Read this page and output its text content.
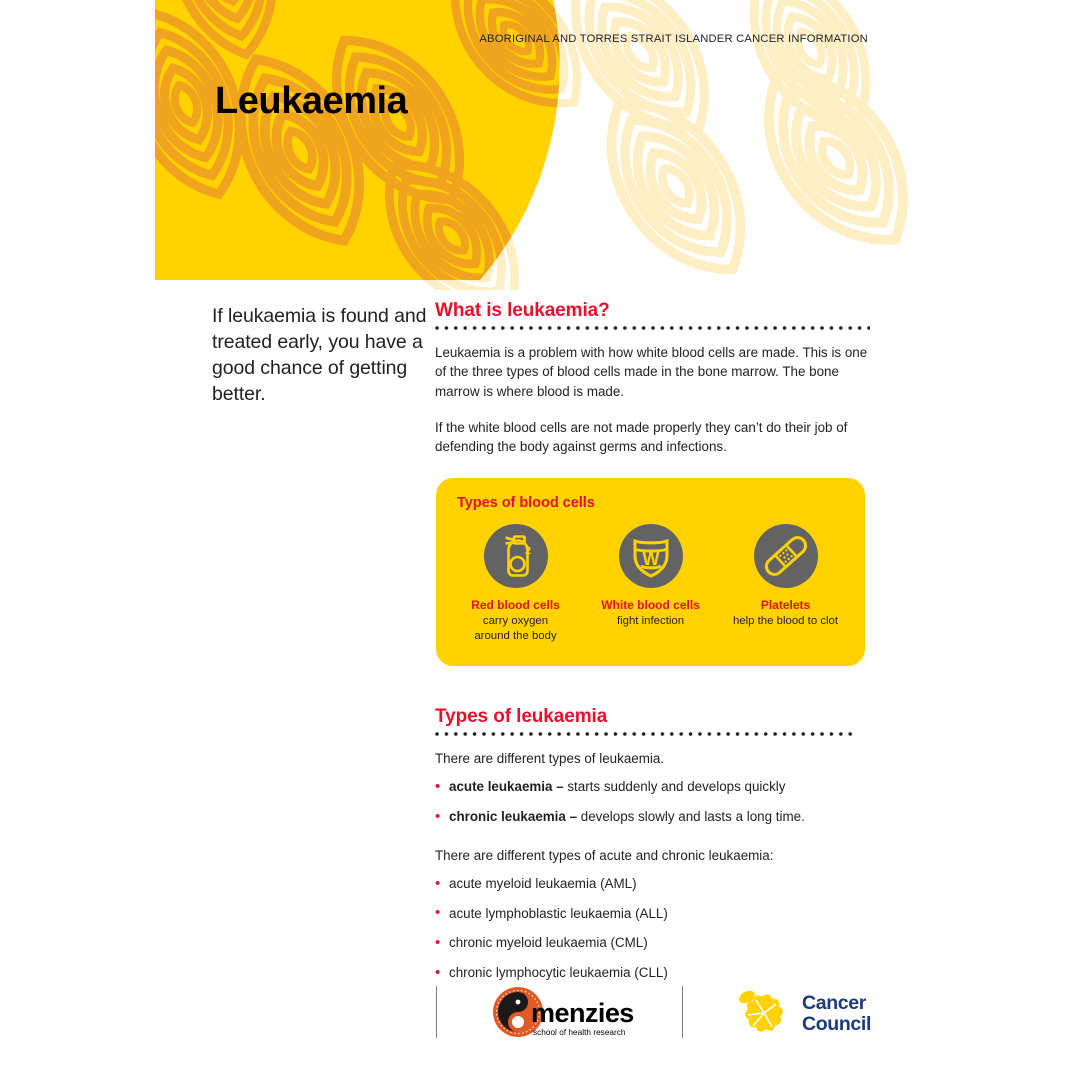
ABORIGINAL AND TORRES STRAIT ISLANDER CANCER INFORMATION
Leukaemia
If leukaemia is found and treated early, you have a good chance of getting better.
What is leukaemia?

Leukaemia is a problem with how white blood cells are made. This is one of the three types of blood cells made in the bone marrow. The bone marrow is where blood is made.

If the white blood cells are not made properly they can’t do their job of defending the body against germs and infections.

Types of blood cells
2
Red blood cells
carry oxygen
around the body
W
White blood cells
fight infection
Platelets
help the blood to clot
Types of leukaemia

There are different types of leukaemia.

• acute leukaemia – starts suddenly and develops quickly
• chronic leukaemia – develops slowly and lasts a long time.

There are different types of acute and chronic leukaemia:

• acute myeloid leukaemia (AML)
• acute lymphoblastic leukaemia (ALL)
• chronic myeloid leukaemia (CML)
• chronic lymphocytic leukaemia (CLL)
menzies
school of health research
Cancer
Council
